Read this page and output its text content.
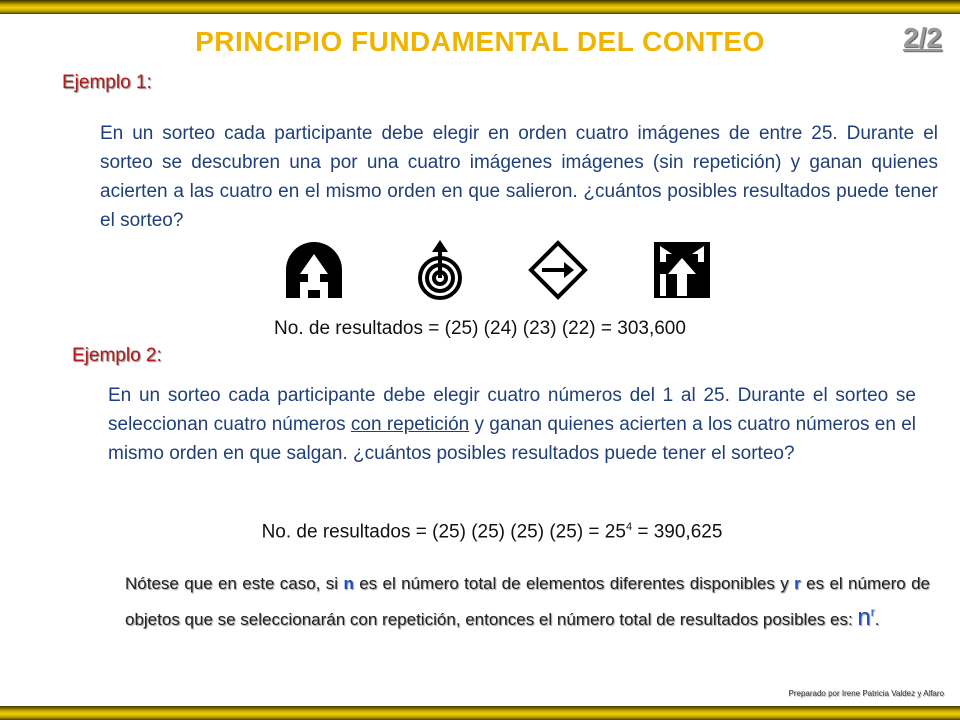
PRINCIPIO FUNDAMENTAL DEL CONTEO	2/2
Ejemplo 1:
En un sorteo cada participante debe elegir en orden cuatro imágenes de entre 25. Durante el sorteo se descubren una por una cuatro imágenes imágenes (sin repetición) y ganan quienes acierten a las cuatro en el mismo orden en que salieron. ¿cuántos posibles resultados puede tener el sorteo?
No. de resultados = (25) (24) (23) (22) = 303,600
Ejemplo 2:
En un sorteo cada participante debe elegir cuatro números del 1 al 25. Durante el sorteo se seleccionan cuatro números con repetición y ganan quienes acierten a los cuatro números en el mismo orden en que salgan. ¿cuántos posibles resultados puede tener el sorteo?
No. de resultados = (25) (25) (25) $(25) = 25^4 = 390,625$
Nótese que en este caso, si n es el número total de elementos diferentes disponibles y r es el número de objetos que se seleccionarán con repetición, entonces el número total de resultados posibles es: $n^r$.
Preparado por Irene Patricia Valdez y Alfaro
